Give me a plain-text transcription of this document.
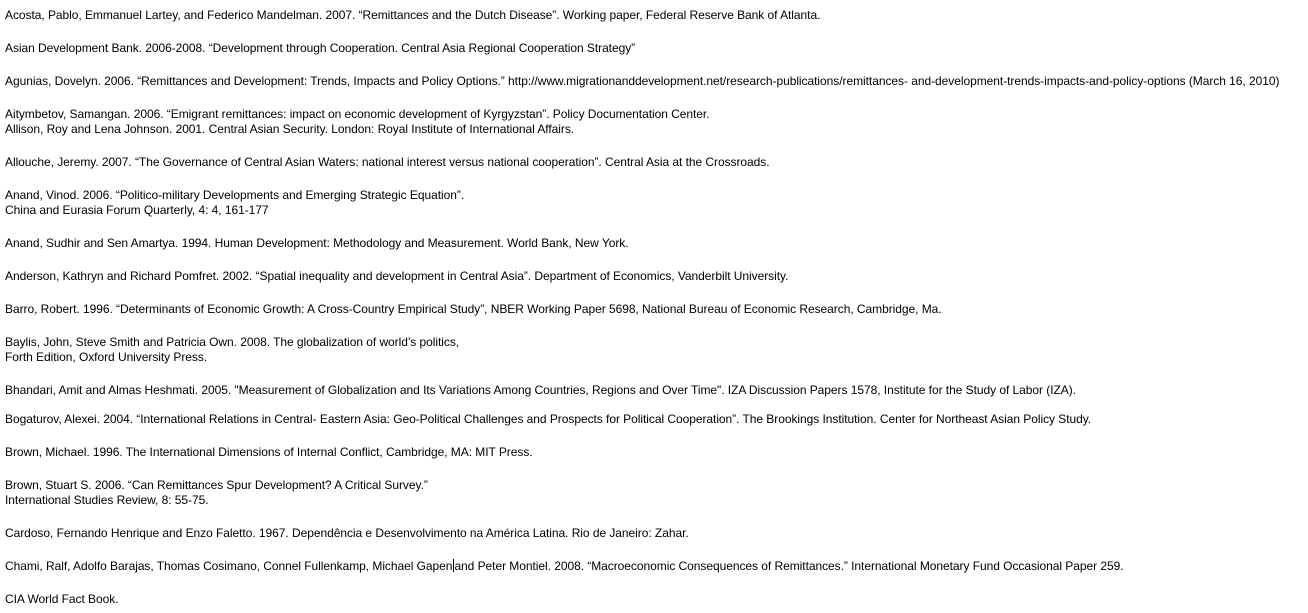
Acosta, Pablo, Emmanuel Lartey, and Federico Mandelman. 2007. “Remittances and the Dutch Disease”. Working paper, Federal Reserve Bank of Atlanta.
Asian Development Bank. 2006-2008. “Development through Cooperation. Central Asia Regional Cooperation Strategy”
Agunias, Dovelyn. 2006. “Remittances and Development: Trends, Impacts and Policy Options.” http://www.migrationanddevelopment.net/research-publications/remittances- and-development-trends-impacts-and-policy-options (March 16, 2010)
Aitymbetov, Samangan. 2006. “Emigrant remittances: impact on economic development of Kyrgyzstan”. Policy Documentation Center.
Allison, Roy and Lena Johnson. 2001. Central Asian Security. London: Royal Institute of International Affairs.
Allouche, Jeremy. 2007. “The Governance of Central Asian Waters: national interest versus national cooperation”. Central Asia at the Crossroads.
Anand, Vinod. 2006. “Politico-military Developments and Emerging Strategic Equation”.
China and Eurasia Forum Quarterly, 4: 4, 161-177
Anand, Sudhir and Sen Amartya. 1994. Human Development: Methodology and Measurement. World Bank, New York.
Anderson, Kathryn and Richard Pomfret. 2002. “Spatial inequality and development in Central Asia”. Department of Economics, Vanderbilt University.
Barro, Robert. 1996. “Determinants of Economic Growth: A Cross-Country Empirical Study”, NBER Working Paper 5698, National Bureau of Economic Research, Cambridge, Ma.
Baylis, John, Steve Smith and Patricia Own. 2008. The globalization of world’s politics,
Forth Edition, Oxford University Press.
Bhandari, Amit and Almas Heshmati. 2005. "Measurement of Globalization and Its Variations Among Countries, Regions and Over Time". IZA Discussion Papers 1578, Institute for the Study of Labor (IZA).
Bogaturov, Alexei. 2004. “International Relations in Central- Eastern Asia: Geo-Political Challenges and Prospects for Political Cooperation”. The Brookings Institution. Center for Northeast Asian Policy Study.
Brown, Michael. 1996. The International Dimensions of Internal Conflict, Cambridge, MA: MIT Press.
Brown, Stuart S. 2006. “Can Remittances Spur Development? A Critical Survey.”
International Studies Review, 8: 55-75.
Cardoso, Fernando Henrique and Enzo Faletto. 1967. Dependência e Desenvolvimento na América Latina. Rio de Janeiro: Zahar.
Chami, Ralf, Adolfo Barajas, Thomas Cosimano, Connel Fullenkamp, Michael Gapen and Peter Montiel. 2008. “Macroeconomic Consequences of Remittances.” International Monetary Fund Occasional Paper 259.
CIA World Fact Book.
